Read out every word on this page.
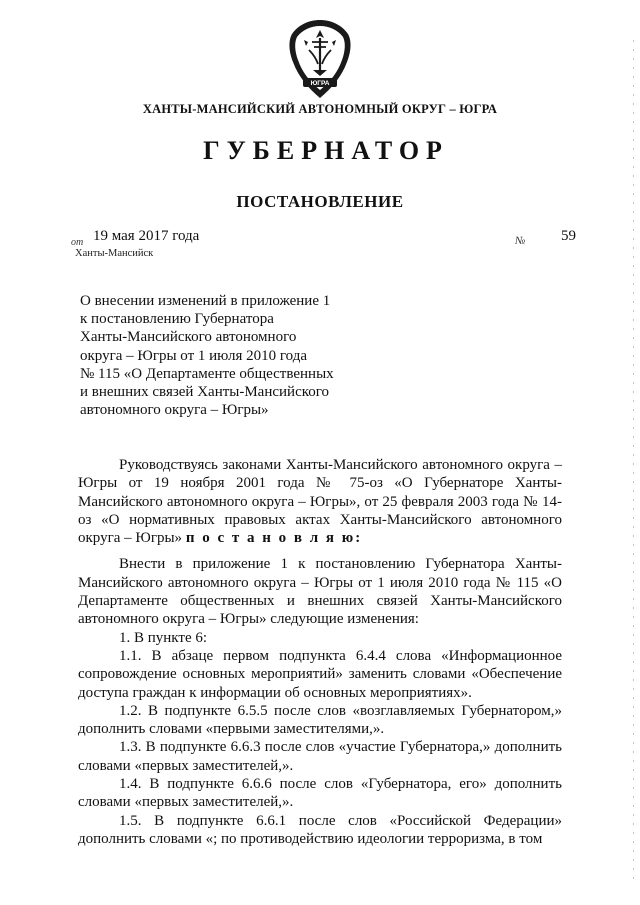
ЮГРА
ХАНТЫ-МАНСИЙСКИЙ АВТОНОМНЫЙ ОКРУГ – ЮГРА
ГУБЕРНАТОР
ПОСТАНОВЛЕНИЕ
от 19 мая 2017 года	№ 59
Ханты-Мансийск
О внесении изменений в приложение 1
к постановлению Губернатора
Ханты-Мансийского автономного
округа – Югры от 1 июля 2010 года
№ 115 «О Департаменте общественных
и внешних связей Ханты-Мансийского
автономного округа – Югры»

Руководствуясь законами Ханты-Мансийского автономного округа – Югры от 19 ноября 2001 года № 75-оз «О Губернаторе Ханты-Мансийского автономного округа – Югры», от 25 февраля 2003 года № 14-оз «О нормативных правовых актах Ханты-Мансийского автономного округа – Югры» п о с т а н о в л я ю:

Внести в приложение 1 к постановлению Губернатора Ханты-Мансийского автономного округа – Югры от 1 июля 2010 года № 115 «О Департаменте общественных и внешних связей Ханты-Мансийского автономного округа – Югры» следующие изменения:

1. В пункте 6:

1.1. В абзаце первом подпункта 6.4.4 слова «Информационное сопровождение основных мероприятий» заменить словами «Обеспечение доступа граждан к информации об основных мероприятиях».

1.2. В подпункте 6.5.5 после слов «возглавляемых Губернатором,» дополнить словами «первыми заместителями,».

1.3. В подпункте 6.6.3 после слов «участие Губернатора,» дополнить словами «первых заместителей,».

1.4. В подпункте 6.6.6 после слов «Губернатора, его» дополнить словами «первых заместителей,».

1.5. В подпункте 6.6.1 после слов «Российской Федерации» дополнить словами «; по противодействию идеологии терроризма, в том
